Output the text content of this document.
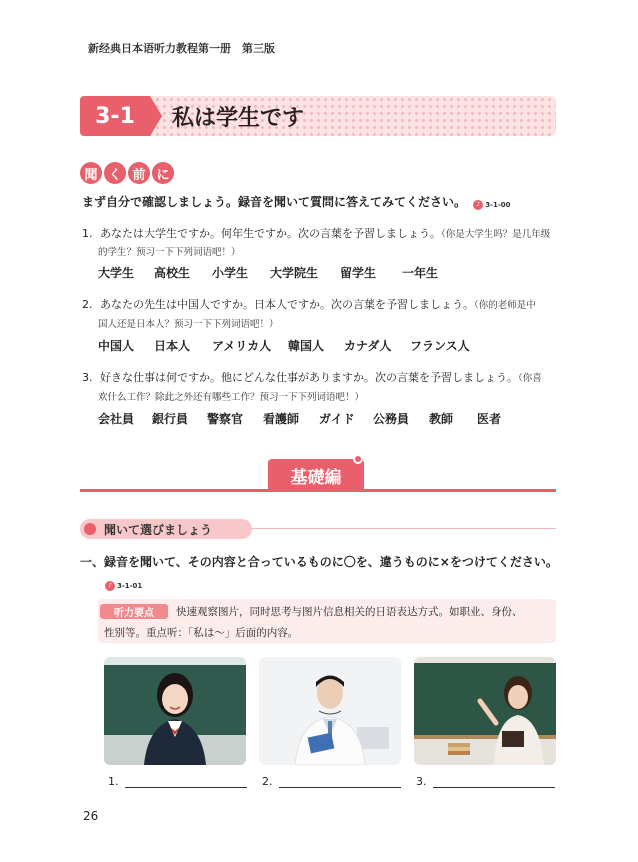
新经典日本语听力教程第一册　第三版
3-1	私は学生です
聞 く 前 に
まず自分で確認しましょう。録音を聞いて質問に答えてみてください。	♪ 3-1-00
1. あなたは大学生ですか。何年生ですか。次の言葉を予習しましょう。（你是大学生吗？是几年级
的学生？预习一下下列词语吧！）
大学生	高校生	小学生	大学院生	留学生	一年生
2. あなたの先生は中国人ですか。日本人ですか。次の言葉を予習しましょう。（你的老师是中
国人还是日本人？预习一下下列词语吧！）
中国人	日本人	アメリカ人	韓国人	カナダ人	フランス人
3. 好きな仕事は何ですか。他にどんな仕事がありますか。次の言葉を予習しましょう。（你喜
欢什么工作？除此之外还有哪些工作？预习一下下列词语吧！）
会社員	銀行員	警察官	看護師	ガイド	公務員	教師	医者
基礎編
聞いて選びましょう
一、録音を聞いて、その内容と合っているものに〇を、違うものに×をつけてください。
♪ 3-1-01
听力要点 快速观察图片，同时思考与图片信息相关的日语表达方式。如职业、身份、
性别等。重点听：「私は～」后面的内容。
1.	2.	3.
26
